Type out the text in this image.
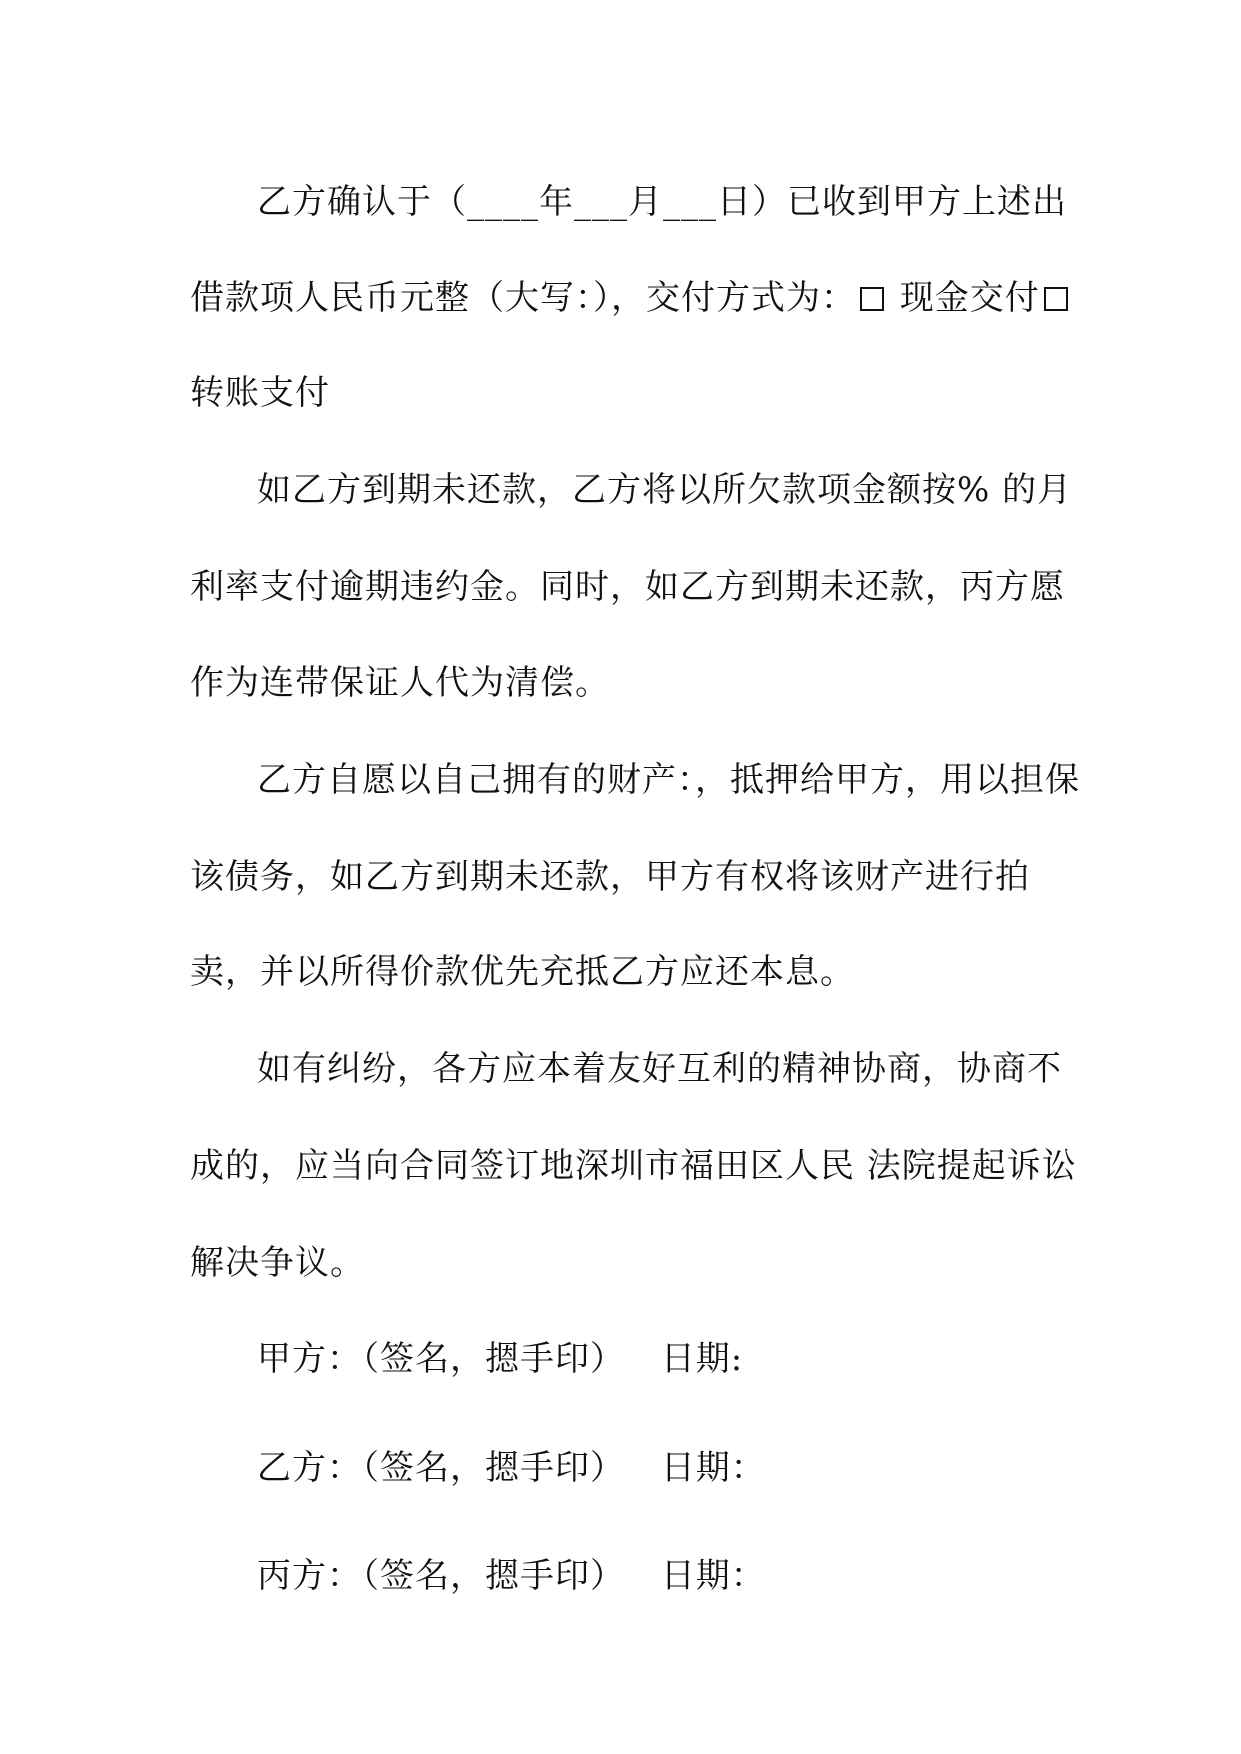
乙方确认于（____年___月___日）已收到甲方上述出
借款项人民币元整（大写：），交付方式为： 现金交付
转账支付
如乙方到期未还款，乙方将以所欠款项金额按% 的月
利率支付逾期违约金。同时，如乙方到期未还款，丙方愿
作为连带保证人代为清偿。
乙方自愿以自己拥有的财产：，抵押给甲方，用以担保
该债务，如乙方到期未还款，甲方有权将该财产进行拍
卖，并以所得价款优先充抵乙方应还本息。
如有纠纷，各方应本着友好互利的精神协商，协商不
成的，应当向合同签订地深圳市福田区人民 法院提起诉讼
解决争议。
甲方：（签名，摁手印） 日期:
乙方：（签名，摁手印） 日期：
丙方：（签名，摁手印） 日期：
